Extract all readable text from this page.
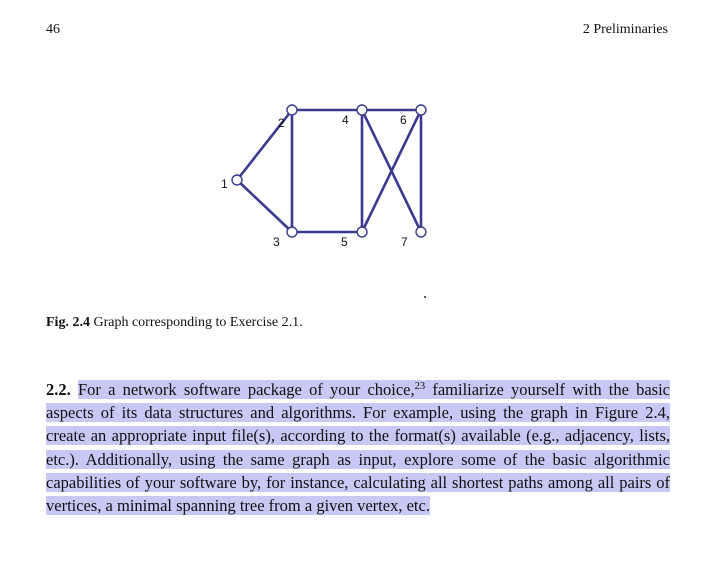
46	2 Preliminaries
1
2
3
4
5
6
7
Fig. 2.4 Graph corresponding to Exercise 2.1.
2.2. For a network software package of your choice,$^{23}$ familiarize yourself with the basic aspects of its data structures and algorithms. For example, using the graph in Figure 2.4, create an appropriate input file(s), according to the format(s) available (e.g., adjacency, lists, etc.). Additionally, using the same graph as input, explore some of the basic algorithmic capabilities of your software by, for instance, calculating all shortest paths among all pairs of vertices, a minimal spanning tree from a given vertex, etc.
